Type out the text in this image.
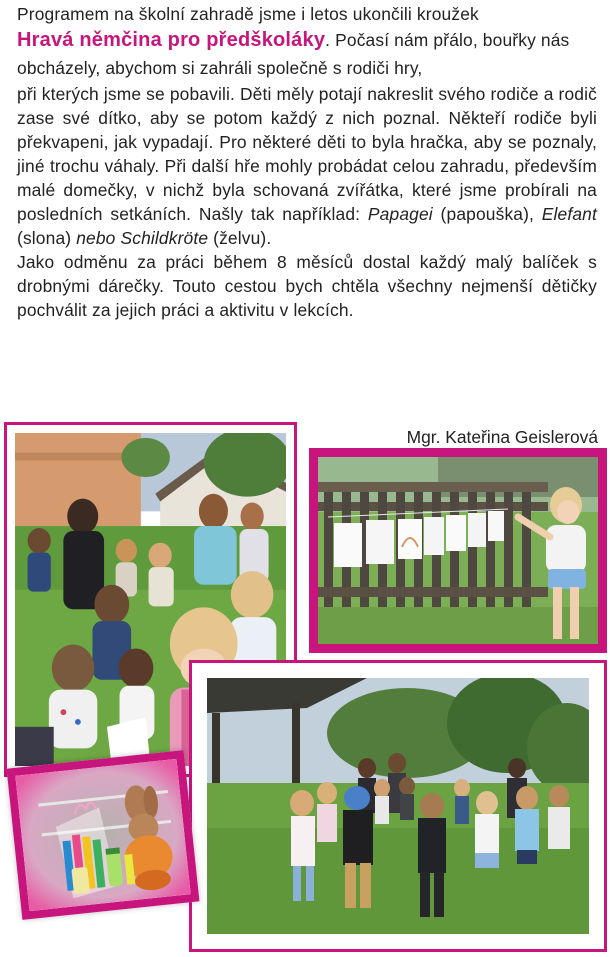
Programem na školní zahradě jsme i letos ukončili kroužek

Hravá němčina pro předškoláky. Počasí nám přálo, bouřky nás obcházely, abychom si zahráli společně s rodiči hry,

při kterých jsme se pobavili. Děti měly potají nakreslit svého rodiče a rodič zase své dítko, aby se potom každý z nich poznal. Někteří rodiče byli překvapeni, jak vypadají. Pro některé děti to byla hračka, aby se poznaly, jiné trochu váhaly. Při další hře mohly probádat celou zahradu, především malé domečky, v nichž byla schovaná zvířátka, které jsme probírali na posledních setkáních. Našly tak například: Papagei (papouška), Elefant (slona) nebo Schildkröte (želvu).

Jako odměnu za práci během 8 měsíců dostal každý malý balíček s drobnými dárečky. Touto cestou bych chtěla všechny nejmenší dětičky pochválit za jejich práci a aktivitu v lekcích.

Mgr. Kateřina Geislerová
